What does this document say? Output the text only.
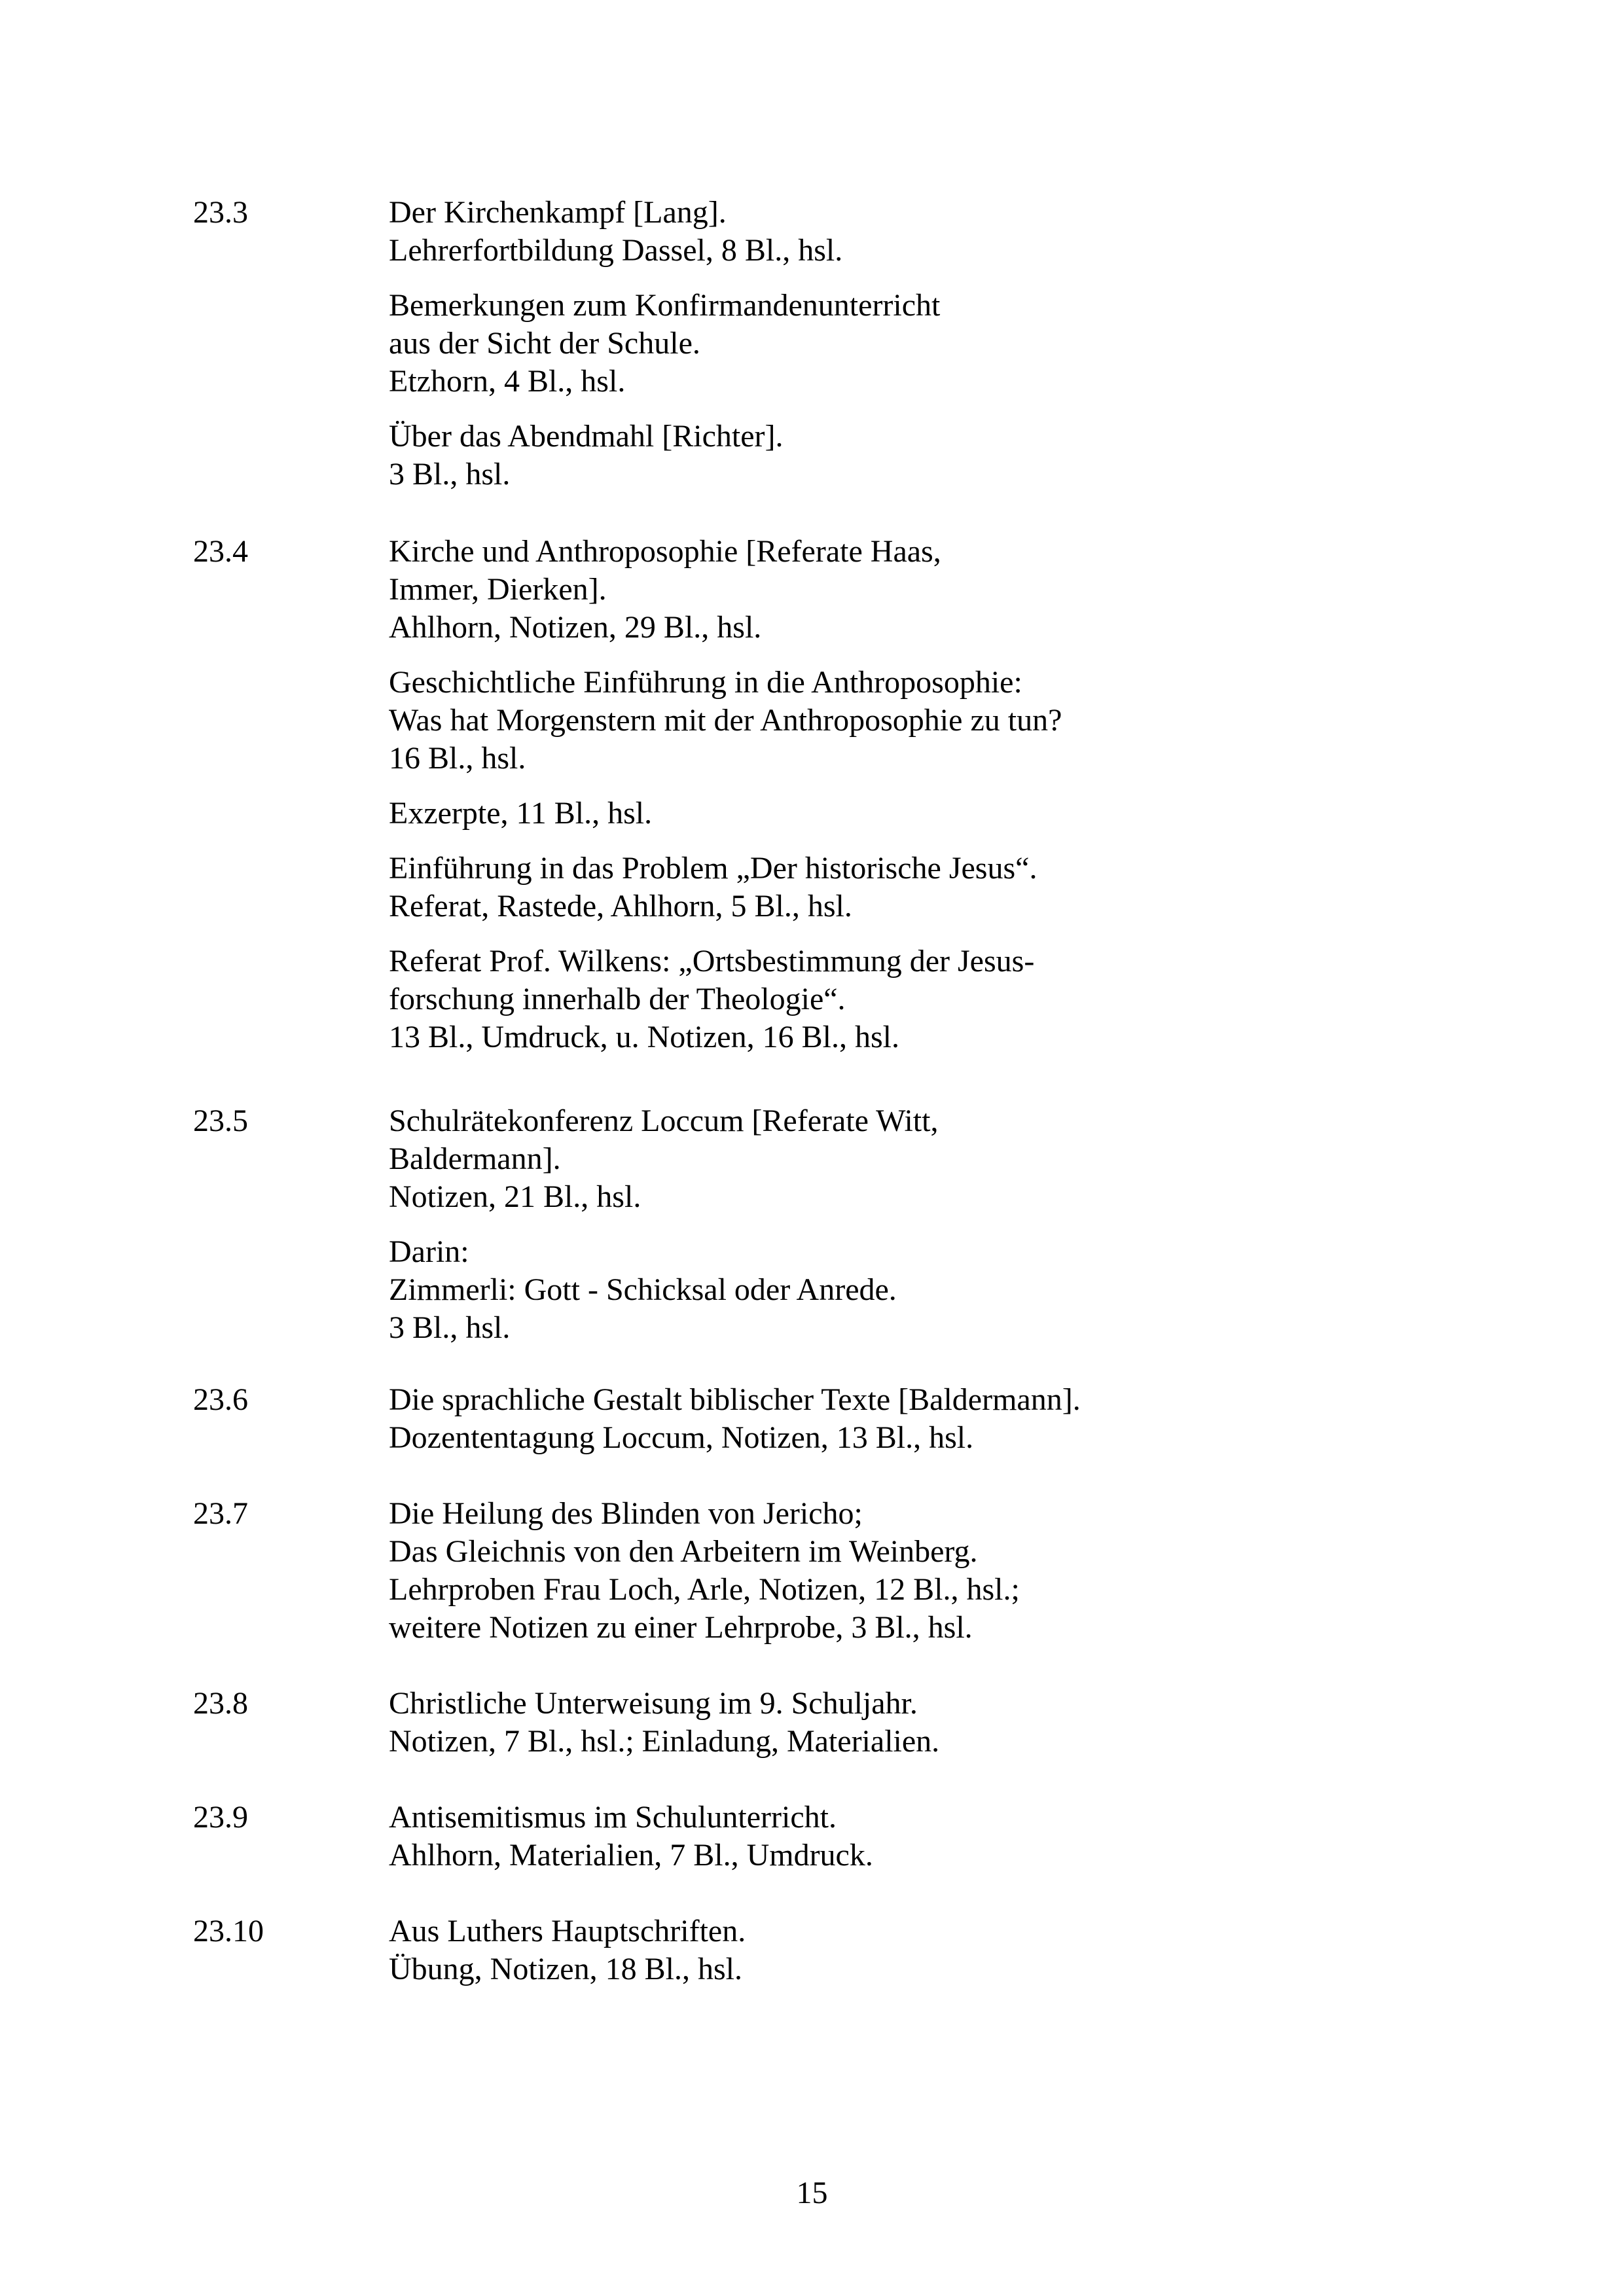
23.3	Der Kirchenkampf [Lang].
Lehrerfortbildung Dassel, 8 Bl., hsl.
Bemerkungen zum Konfirmandenunterricht
aus der Sicht der Schule.
Etzhorn, 4 Bl., hsl.
Über das Abendmahl [Richter].
3 Bl., hsl.
23.4	Kirche und Anthroposophie [Referate Haas,
Immer, Dierken].
Ahlhorn, Notizen, 29 Bl., hsl.
Geschichtliche Einführung in die Anthroposophie:
Was hat Morgenstern mit der Anthroposophie zu tun?
16 Bl., hsl.
Exzerpte, 11 Bl., hsl.
Einführung in das Problem „Der historische Jesus“.
Referat, Rastede, Ahlhorn, 5 Bl., hsl.
Referat Prof. Wilkens: „Ortsbestimmung der Jesus-
forschung innerhalb der Theologie“.
13 Bl., Umdruck, u. Notizen, 16 Bl., hsl.
23.5	Schulrätekonferenz Loccum [Referate Witt,
Baldermann].
Notizen, 21 Bl., hsl.
Darin:
Zimmerli: Gott - Schicksal oder Anrede.
3 Bl., hsl.
23.6	Die sprachliche Gestalt biblischer Texte [Baldermann].
Dozententagung Loccum, Notizen, 13 Bl., hsl.
23.7	Die Heilung des Blinden von Jericho;
Das Gleichnis von den Arbeitern im Weinberg.
Lehrproben Frau Loch, Arle, Notizen, 12 Bl., hsl.;
weitere Notizen zu einer Lehrprobe, 3 Bl., hsl.
23.8	Christliche Unterweisung im 9. Schuljahr.
Notizen, 7 Bl., hsl.; Einladung, Materialien.
23.9	Antisemitismus im Schulunterricht.
Ahlhorn, Materialien, 7 Bl., Umdruck.
23.10	Aus Luthers Hauptschriften.
Übung, Notizen, 18 Bl., hsl.
15
